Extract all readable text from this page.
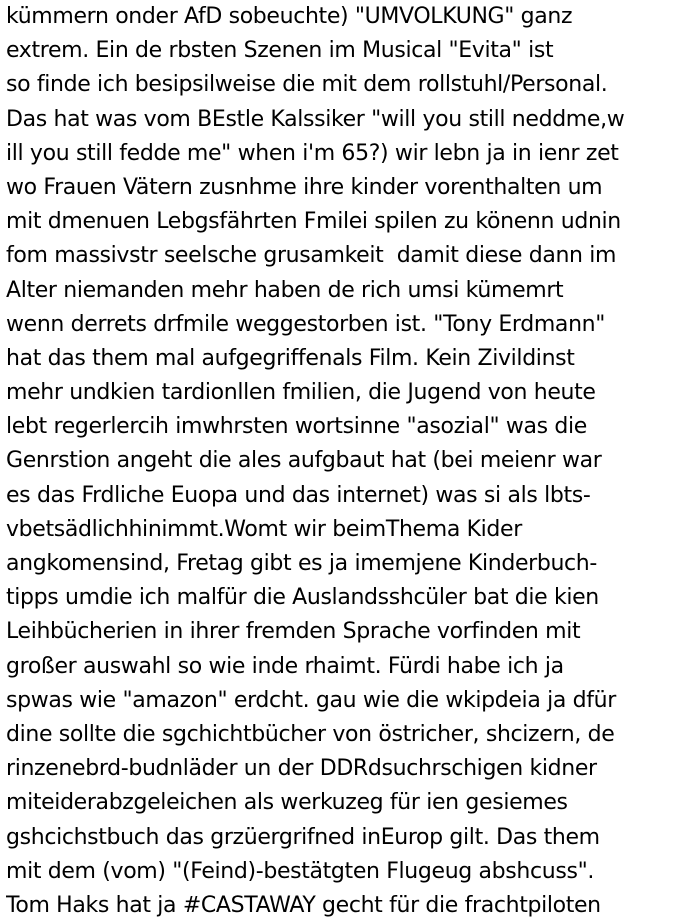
kümmern onder AfD sobeuchte) "UMVOLKUNG" ganz
extrem. Ein de rbsten Szenen im Musical "Evita" ist
so finde ich besipsilweise die mit dem rollstuhl/Personal.
Das hat was vom BEstle Kalssiker "will you still neddme,w
ill you still fedde me" when i'm 65?) wir lebn ja in ienr zet
wo Frauen Vätern zusnhme ihre kinder vorenthalten um
mit dmenuen Lebgsfährten Fmilei spilen zu könenn udnin
fom massivstr seelsche grusamkeit  damit diese dann im
Alter niemanden mehr haben de rich umsi kümemrt
wenn derrets drfmile weggestorben ist. "Tony Erdmann"
hat das them mal aufgegriffenals Film. Kein Zivildinst
mehr undkien tardionllen fmilien, die Jugend von heute
lebt regerlercih imwhrsten wortsinne "asozial" was die
Genrstion angeht die ales aufgbaut hat (bei meienr war
es das Frdliche Euopa und das internet) was si als lbts-
vbetsädlichhinimmt.Womt wir beimThema Kider
angkomensind, Fretag gibt es ja imemjene Kinderbuch-
tipps umdie ich malfür die Auslandsshcüler bat die kien
Leihbücherien in ihrer fremden Sprache vorfinden mit
großer auswahl so wie inde rhaimt. Fürdi habe ich ja
spwas wie "amazon" erdcht. gau wie die wkipdeia ja dfür
dine sollte die sgchichtbücher von östricher, shcizern, de
rinzenebrd-budnläder un der DDRdsuchrschigen kidner
miteiderabzgeleichen als werkuzeg für ien gesiemes
gshcichstbuch das grzüergrifned inEurop gilt. Das them
mit dem (vom) "(Feind)-bestätgten Flugeug abshcuss".
Tom Haks hat ja #CASTAWAY gecht für die frachtpiloten
